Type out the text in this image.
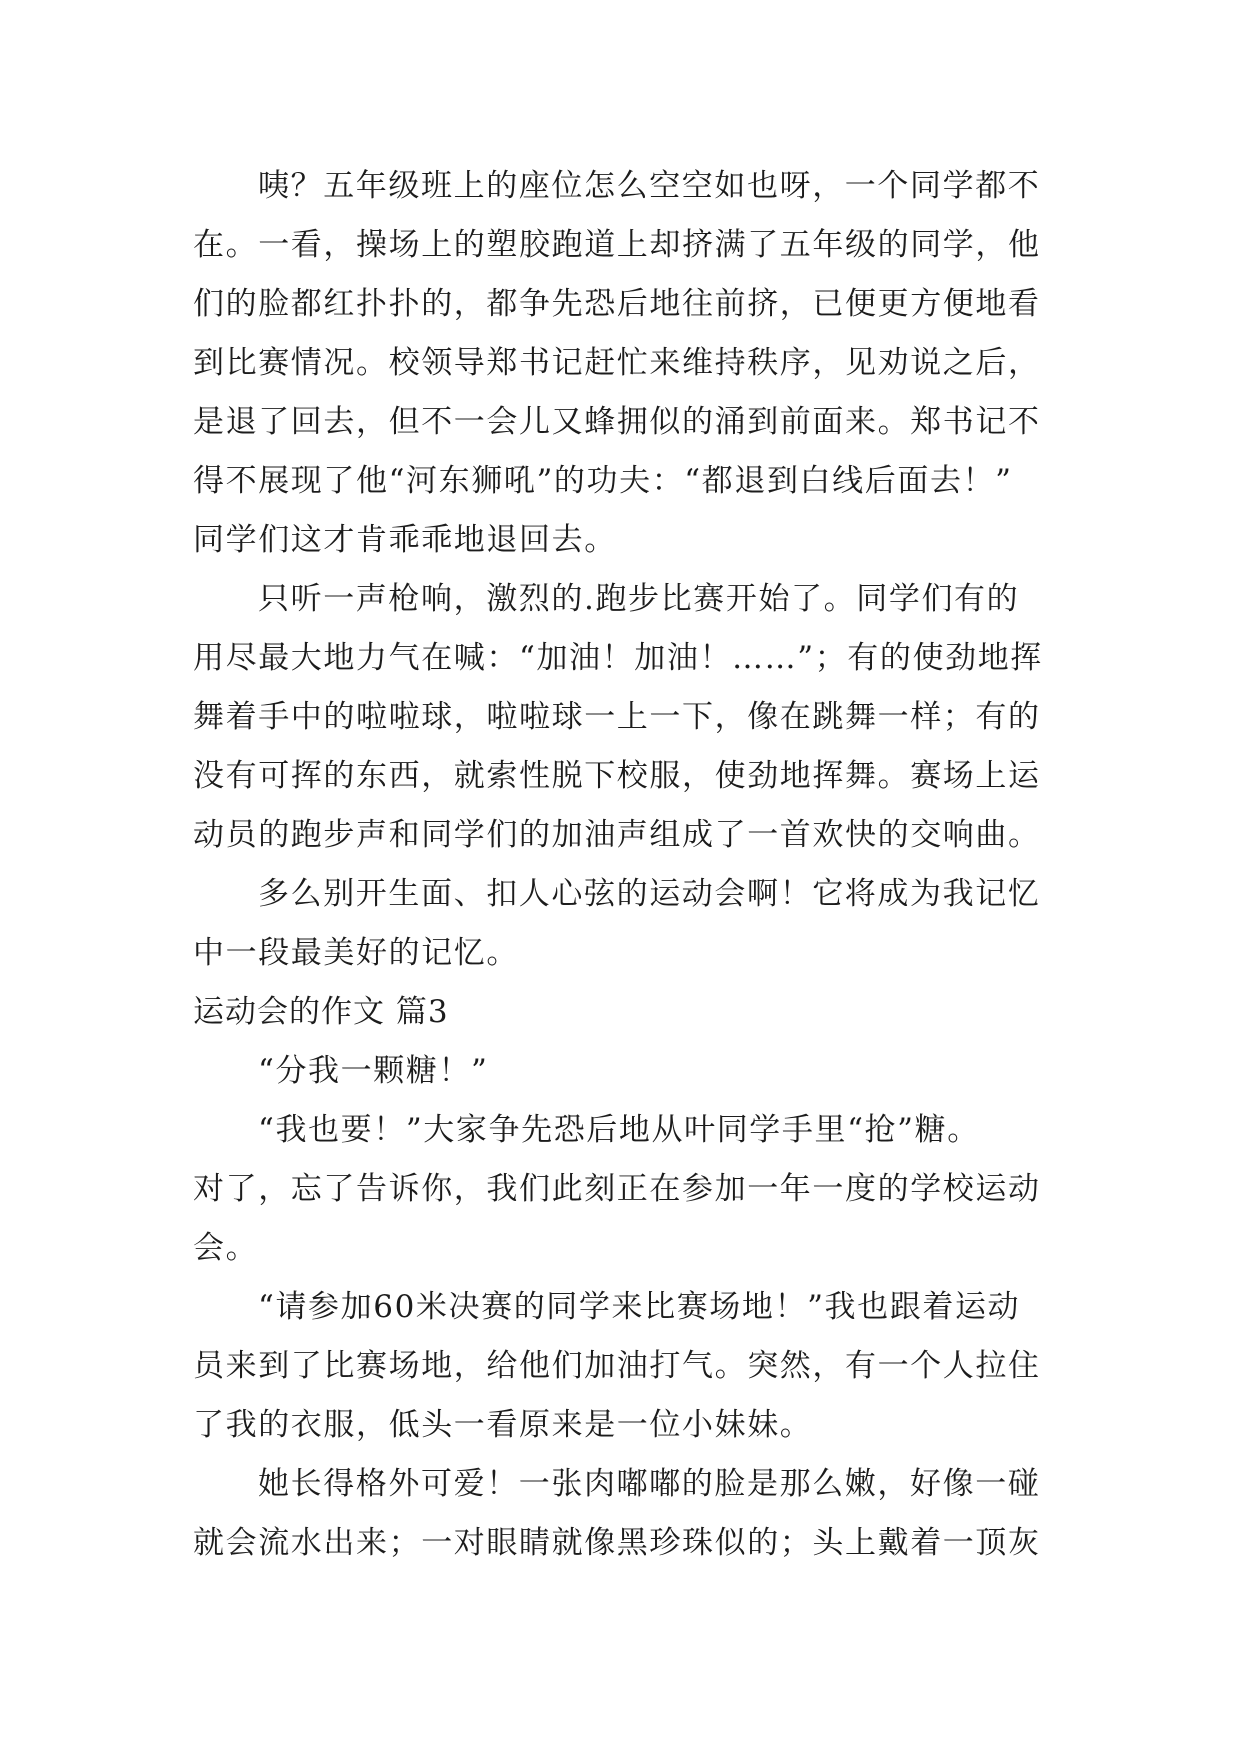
咦？五年级班上的座位怎么空空如也呀，一个同学都不
在。一看，操场上的塑胶跑道上却挤满了五年级的同学，他
们的脸都红扑扑的，都争先恐后地往前挤，已便更方便地看
到比赛情况。校领导郑书记赶忙来维持秩序，见劝说之后，
是退了回去，但不一会儿又蜂拥似的涌到前面来。郑书记不
得不展现了他“河东狮吼”的功夫：“都退到白线后面去！”
同学们这才肯乖乖地退回去。
只听一声枪响，激烈的.跑步比赛开始了。同学们有的
用尽最大地力气在喊：“加油！加油！……”；有的使劲地挥
舞着手中的啦啦球，啦啦球一上一下，像在跳舞一样；有的
没有可挥的东西，就索性脱下校服，使劲地挥舞。赛场上运
动员的跑步声和同学们的加油声组成了一首欢快的交响曲。
多么别开生面、扣人心弦的运动会啊！它将成为我记忆
中一段最美好的记忆。
运动会的作文 篇3
“分我一颗糖！”
“我也要！”大家争先恐后地从叶同学手里“抢”糖。
对了，忘了告诉你，我们此刻正在参加一年一度的学校运动
会。
“请参加60米决赛的同学来比赛场地！”我也跟着运动
员来到了比赛场地，给他们加油打气。突然，有一个人拉住
了我的衣服，低头一看原来是一位小妹妹。
她长得格外可爱！一张肉嘟嘟的脸是那么嫩，好像一碰
就会流水出来；一对眼睛就像黑珍珠似的；头上戴着一顶灰
